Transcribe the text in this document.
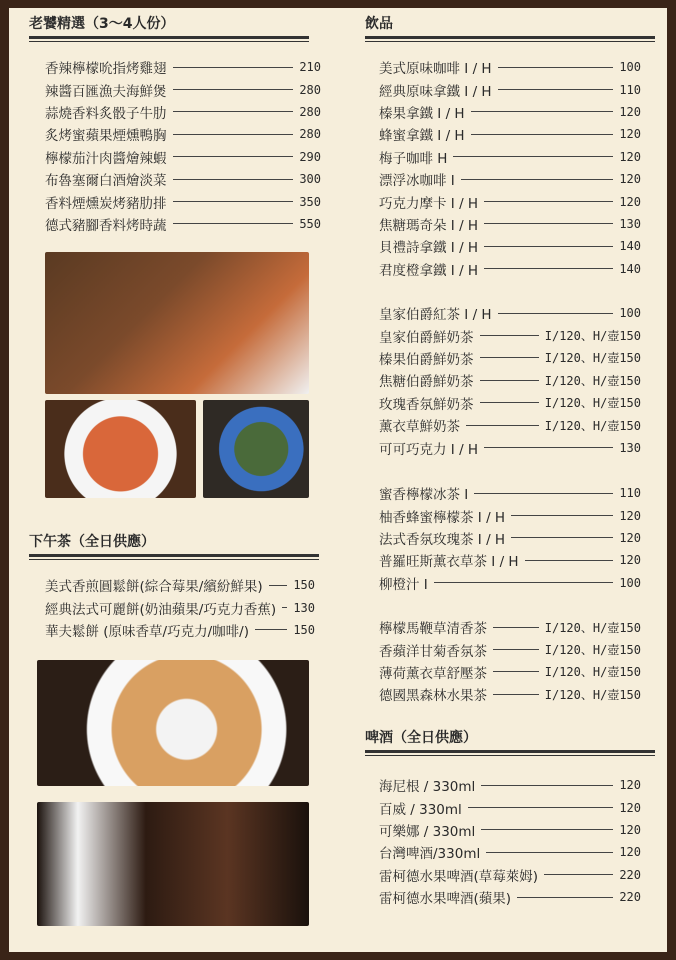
老饕精選（3～4人份）
香辣檸檬吮指烤雞翅	210
辣醬百匯漁夫海鮮煲	280
蒜燒香料炙骰子牛肋	280
炙烤蜜蘋果煙燻鴨胸	280
檸檬茄汁肉醬燴辣蝦	290
布魯塞爾白酒燴淡菜	300
香料煙燻炭烤豬肋排	350
德式豬腳香料烤時蔬	550
下午茶（全日供應）
美式香煎圓鬆餅(綜合莓果/繽紛鮮果)	150
經典法式可麗餅(奶油蘋果/巧克力香蕉) 130
華夫鬆餅 (原味香草/巧克力/咖啡/)	150
飲品
美式原味咖啡 I / H	100
經典原味拿鐵 I / H	110
榛果拿鐵 I / H	120
蜂蜜拿鐵 I / H	120
梅子咖啡 H	120
漂浮冰咖啡 I	120
巧克力摩卡 I / H	120
焦糖瑪奇朵 I / H	130
貝禮詩拿鐵 I / H	140
君度橙拿鐵 I / H	140
皇家伯爵紅茶 I / H	100
皇家伯爵鮮奶茶	I/120、H/壺150
榛果伯爵鮮奶茶	I/120、H/壺150
焦糖伯爵鮮奶茶	I/120、H/壺150
玫瑰香氛鮮奶茶	I/120、H/壺150
薰衣草鮮奶茶	I/120、H/壺150
可可巧克力 I / H	130
蜜香檸檬冰茶 I	110
柚香蜂蜜檸檬茶 I / H	120
法式香氛玫瑰茶 I / H	120
普羅旺斯薰衣草茶 I / H	120
柳橙汁 I	100
檸檬馬鞭草清香茶	I/120、H/壺150
香蘋洋甘菊香氛茶	I/120、H/壺150
薄荷薰衣草舒壓茶	I/120、H/壺150
德國黑森林水果茶	I/120、H/壺150
啤酒（全日供應）
海尼根 / 330ml	120
百威 / 330ml	120
可樂娜 / 330ml	120
台灣啤酒/330ml	120
雷柯德水果啤酒(草莓萊姆)	220
雷柯德水果啤酒(蘋果)	220
